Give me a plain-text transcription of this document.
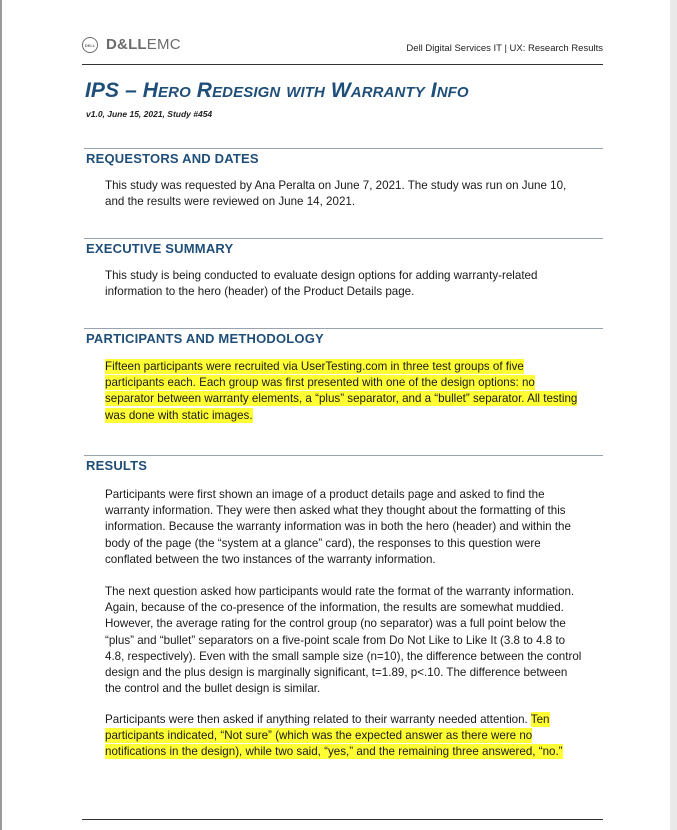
DELL D&LLEMC	Dell Digital Services IT | UX: Research Results
IPS – Hero Redesign with Warranty Info
v1.0, June 15, 2021, Study #454
REQUESTORS AND DATES
This study was requested by Ana Peralta on June 7, 2021. The study was run on June 10, and the results were reviewed on June 14, 2021.
EXECUTIVE SUMMARY
This study is being conducted to evaluate design options for adding warranty-related information to the hero (header) of the Product Details page.
PARTICIPANTS AND METHODOLOGY
Fifteen participants were recruited via UserTesting.com in three test groups of five participants each. Each group was first presented with one of the design options: no separator between warranty elements, a “plus” separator, and a “bullet” separator. All testing was done with static images.
RESULTS
Participants were first shown an image of a product details page and asked to find the warranty information. They were then asked what they thought about the formatting of this information. Because the warranty information was in both the hero (header) and within the body of the page (the “system at a glance” card), the responses to this question were conflated between the two instances of the warranty information.
The next question asked how participants would rate the format of the warranty information. Again, because of the co-presence of the information, the results are somewhat muddied. However, the average rating for the control group (no separator) was a full point below the “plus” and “bullet” separators on a five-point scale from Do Not Like to Like It (3.8 to 4.8 to 4.8, respectively). Even with the small sample size (n=10), the difference between the control design and the plus design is marginally significant, t=1.89, p<.10. The difference between the control and the bullet design is similar.
Participants were then asked if anything related to their warranty needed attention. Ten participants indicated, “Not sure” (which was the expected answer as there were no notifications in the design), while two said, “yes,” and the remaining three answered, “no.”
